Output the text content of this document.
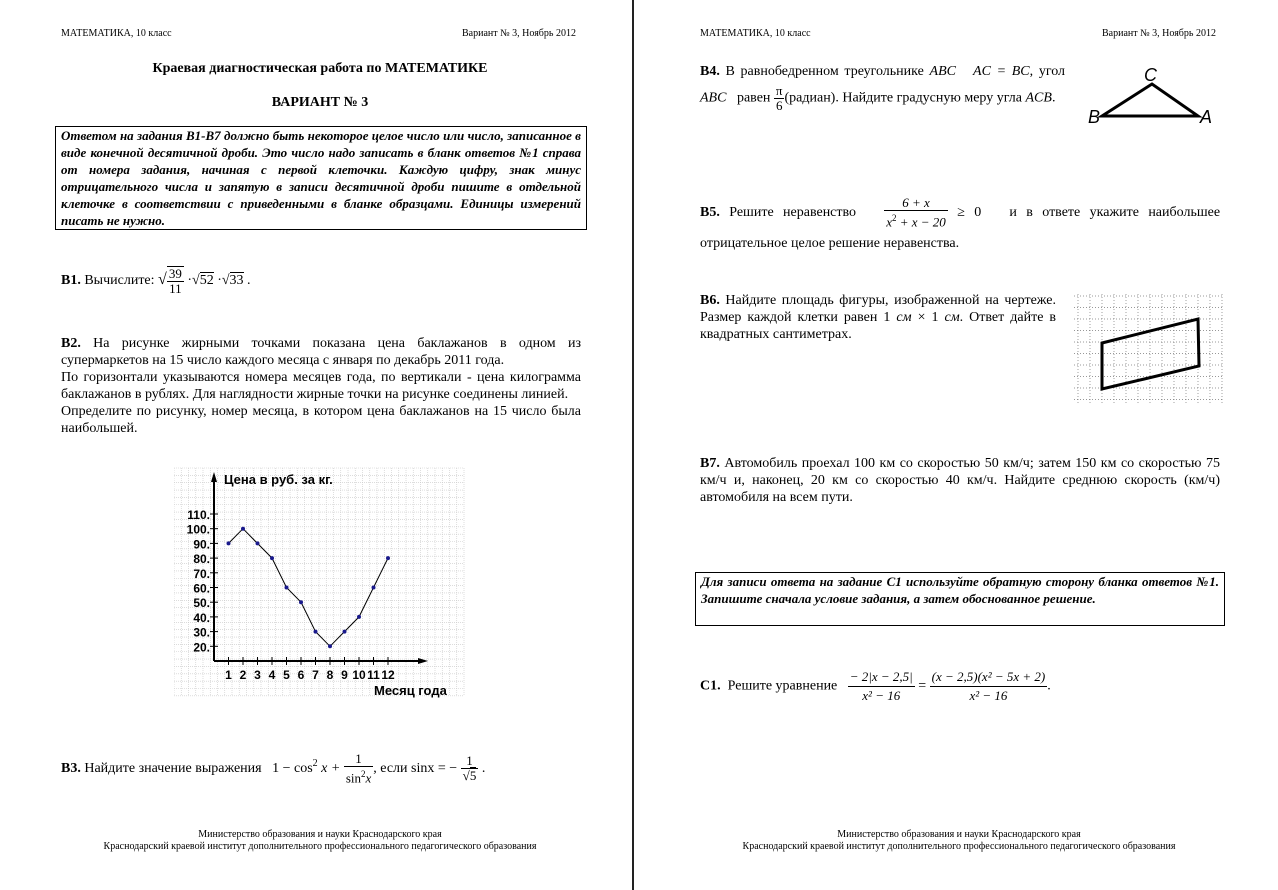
МАТЕМАТИКА, 10 класс	Вариант № 3, Ноябрь 2012
Краевая диагностическая работа по МАТЕМАТИКЕ
ВАРИАНТ № 3
Ответом на задания В1-В7 должно быть некоторое целое число или число, записанное в виде конечной десятичной дроби. Это число надо записать в бланк ответов №1 справа от номера задания, начиная с первой клеточки. Каждую цифру, знак минус отрицательного числа и запятую в записи десятичной дроби пишите в отдельной клеточке в соответствии с приведенными в бланке образцами. Единицы измерений писать не нужно.
В1. Вычислите: √ $\frac{39}{11} \cdot√52 \cdot√33$ .

В2. На рисунке жирными точками показана цена баклажанов в одном из супермаркетов на 15 число каждого месяца с января по декабрь 2011 года.

По горизонтали указываются номера месяцев года, по вертикали - цена килограмма баклажанов в рублях. Для наглядности жирные точки на рисунке соединены линией.

Определите по рисунку, номер месяца, в котором цена баклажанов на 15 число была наибольшей.

20.
30.
40.
50.
60.
70.
80.
90.
100.
110.
1 2 3 4 5 6 7 8 9 10 11 12
Цена в руб. за кг.
Месяц года
В3. Найдите значение выражения $1 - \cos^2 x + \frac{1}{\sin^2x}$ , если sinx = − $\frac{1}{√5}$ .
Министерство образования и науки Краснодарского края
Краснодарский краевой институт дополнительного профессионального педагогического образования
МАТЕМАТИКА, 10 класс	Вариант № 3, Ноябрь 2012
В4. В равнобедренном треугольнике ABC AC = BC, угол ABC равен $\frac{\pi}{6}$ (радиан). Найдите градусную меру угла ACB.
C
B	A
В5. Решите неравенство $\frac{6 + x}{x^2 + x - 20} \ge 0$ и в ответе укажите наибольшее отрицательное целое решение неравенства.
В6. Найдите площадь фигуры, изображенной на чертеже. Размер каждой клетки равен 1 см × 1 см. Ответ дайте в квадратных сантиметрах.
В7. Автомобиль проехал 100 км со скоростью 50 км/ч; затем 150 км со скоростью 75 км/ч и, наконец, 20 км со скоростью 40 км/ч. Найдите среднюю скорость (км/ч) автомобиля на всем пути.
Для записи ответа на задание С1 используйте обратную сторону бланка ответов №1. Запишите сначала условие задания, а затем обоснованное решение.
С1. Решите уравнение $\frac{- 2|x - 2,5|}{\text{x² − 16}} = \frac{\text{(x − 2,5)(x² − 5x + 2)}}{\text{x² − 16}}$ .
Министерство образования и науки Краснодарского края
Краснодарский краевой институт дополнительного профессионального педагогического образования
